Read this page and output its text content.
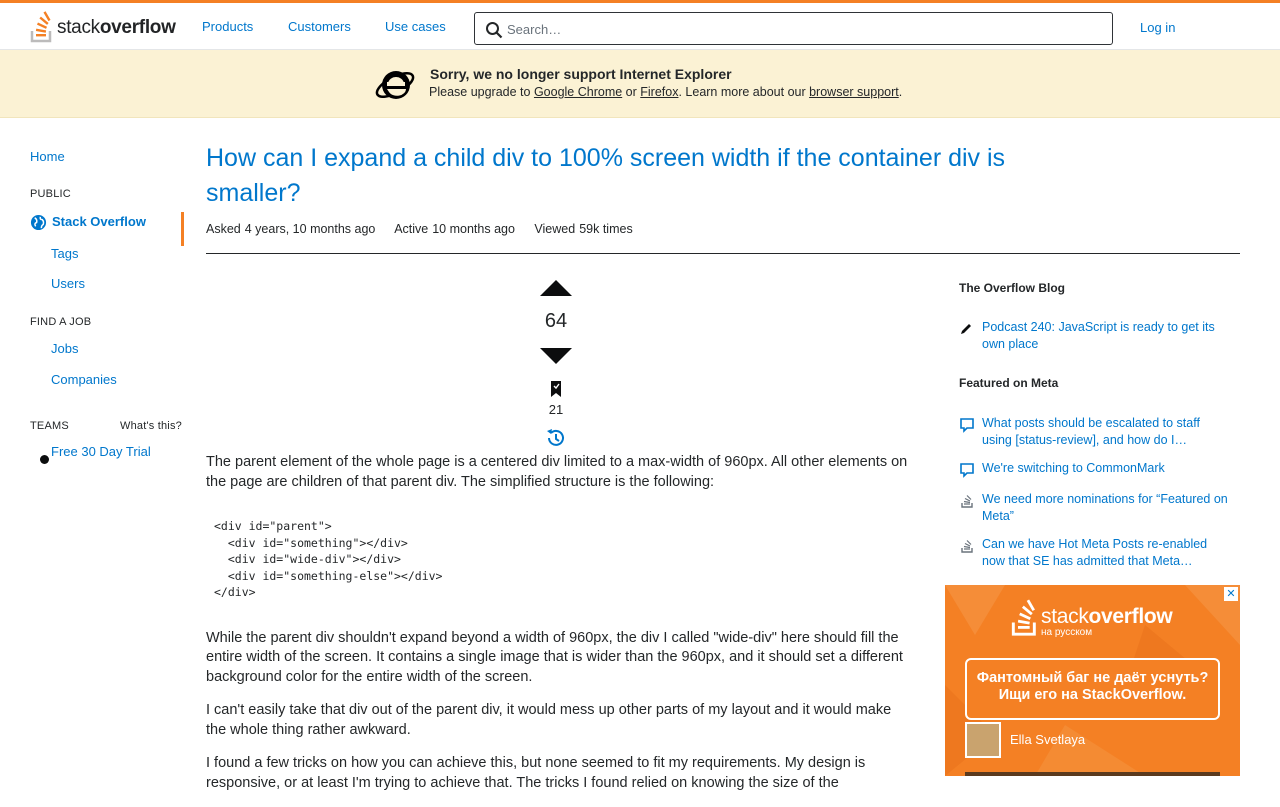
stackoverflow Products	Customers	Use cases
Search…	Log in
Sorry, we no longer support Internet Explorer
Please upgrade to Google Chrome or Firefox. Learn more about our browser support.
Home
PUBLIC
Stack Overflow
Tags
Users
FIND A JOB
Jobs
Companies
TEAMS	What's this?
Free 30 Day Trial
How can I expand a child div to 100% screen width if the container div is smaller?
Asked 4 years, 10 months ago Active 10 months ago Viewed 59k times
64
21

The parent element of the whole page is a centered div limited to a max-width of 960px. All other elements on the page are children of that parent div. The simplified structure is the following:

<div id="parent">
<div id="something"></div>
<div id="wide-div"></div>
<div id="something-else"></div>
</div>

While the parent div shouldn't expand beyond a width of 960px, the div I called "wide-div" here should fill the entire width of the screen. It contains a single image that is wider than the 960px, and it should set a different background color for the entire width of the screen.

I can't easily take that div out of the parent div, it would mess up other parts of my layout and it would make the whole thing rather awkward.

I found a few tricks on how you can achieve this, but none seemed to fit my requirements. My design is responsive, or at least I'm trying to achieve that. The tricks I found relied on knowing the size of the

The Overflow Blog
Podcast 240: JavaScript is ready to get its own place
Featured on Meta
What posts should be escalated to staff using [status-review], and how do I…
We're switching to CommonMark
We need more nominations for “Featured on Meta”
Can we have Hot Meta Posts re-enabled now that SE has admitted that Meta…
✕
stackoverflow
на русском
Фантомный баг не даёт уснуть? Ищи его на StackOverflow.
Ella Svetlaya
